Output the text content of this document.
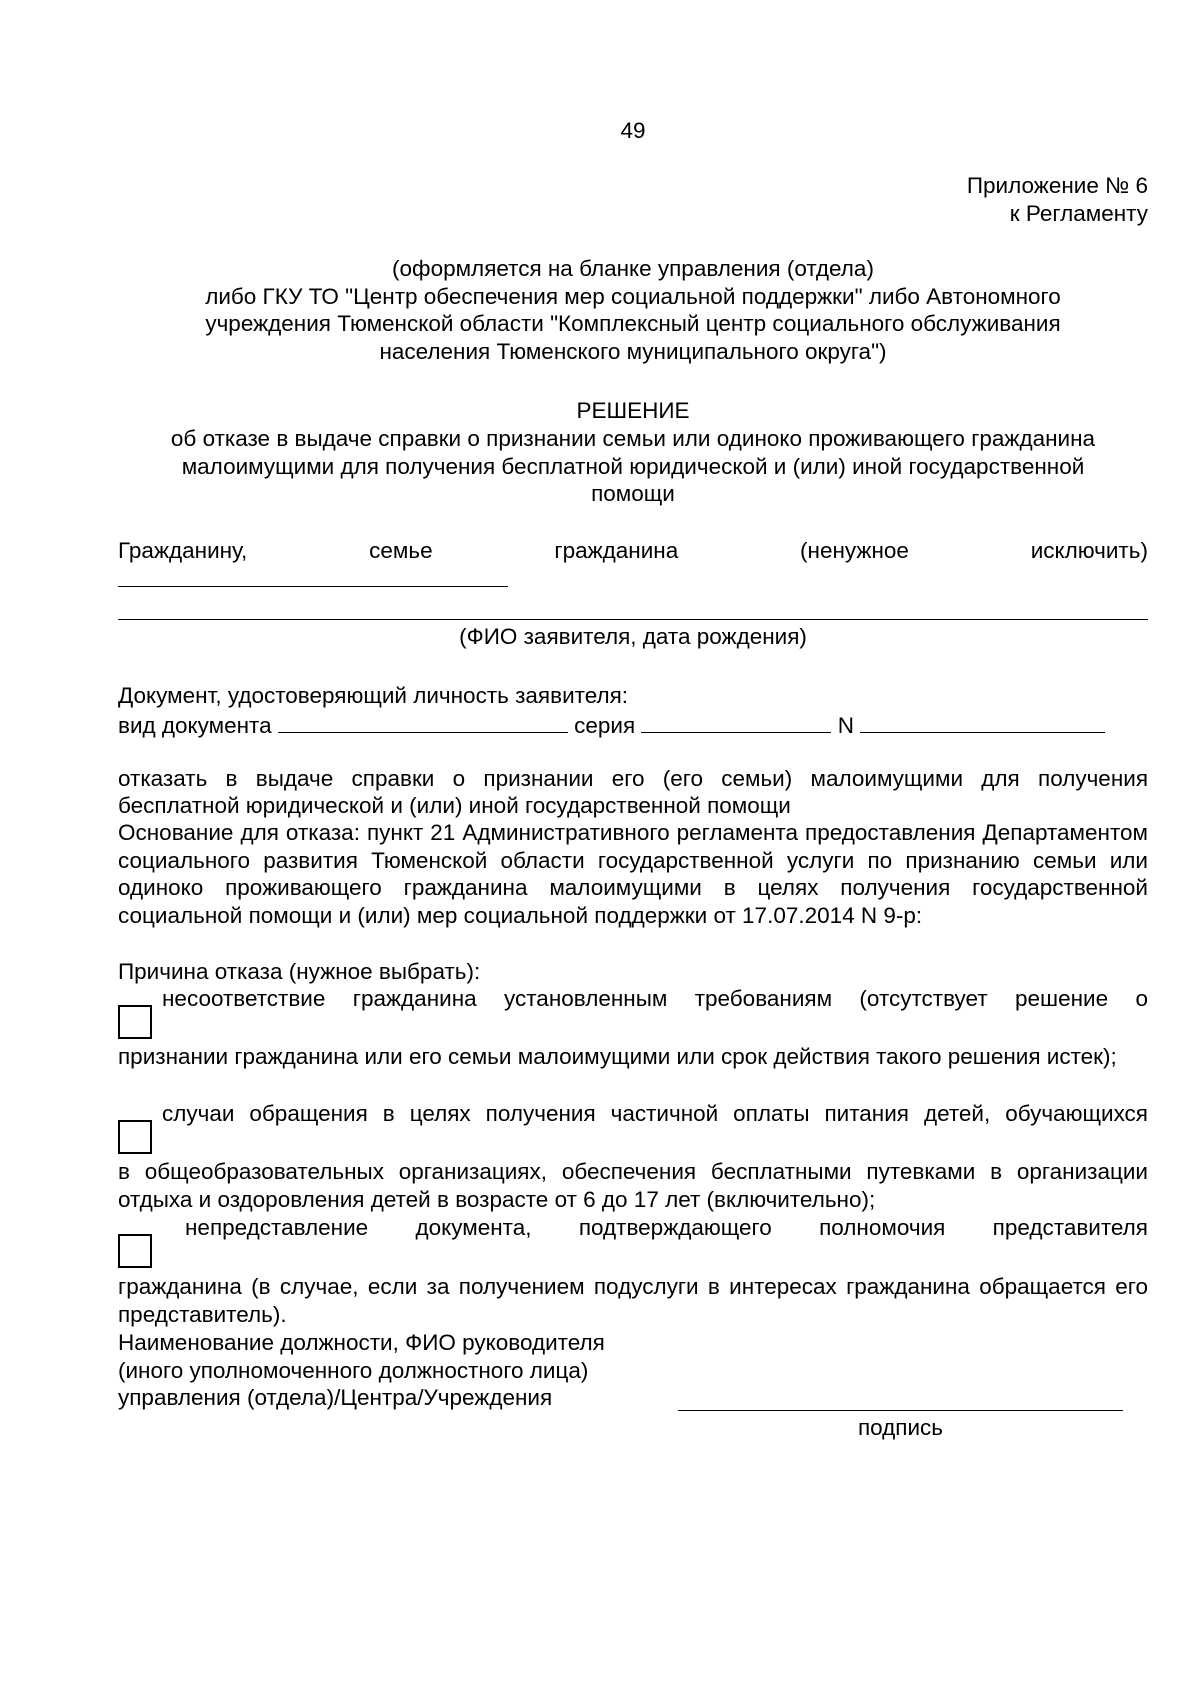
49
Приложение № 6
к Регламенту
(оформляется на бланке управления (отдела)
либо ГКУ ТО "Центр обеспечения мер социальной поддержки" либо Автономного
учреждения Тюменской области "Комплексный центр социального обслуживания
населения Тюменского муниципального округа")
РЕШЕНИЕ
об отказе в выдаче справки о признании семьи или одиноко проживающего гражданина
малоимущими для получения бесплатной юридической и (или) иной государственной
помощи
Гражданину,	семье	гражданина	(ненужное	исключить)
(ФИО заявителя, дата рождения)
Документ, удостоверяющий личность заявителя:
вид документа	серия	N
отказать в выдаче справки о признании его (его семьи) малоимущими для получения
бесплатной юридической и (или) иной государственной помощи
Основание для отказа: пункт 21 Административного регламента предоставления Департаментом социального развития Тюменской области государственной услуги по признанию семьи или одиноко проживающего гражданина малоимущими в целях получения государственной социальной помощи и (или) мер социальной поддержки от 17.07.2014 N 9-р:
Причина отказа (нужное выбрать):
несоответствие гражданина установленным требованиям (отсутствует решение о
признании гражданина или его семьи малоимущими или срок действия такого решения истек);
случаи обращения в целях получения частичной оплаты питания детей, обучающихся
в общеобразовательных организациях, обеспечения бесплатными путевками в организации отдыха и оздоровления детей в возрасте от 6 до 17 лет (включительно);
непредставление документа, подтверждающего полномочия представителя
гражданина (в случае, если за получением подуслуги в интересах гражданина обращается его представитель).
Наименование должности, ФИО руководителя
(иного уполномоченного должностного лица)
управления (отдела)/Центра/Учреждения
подпись
